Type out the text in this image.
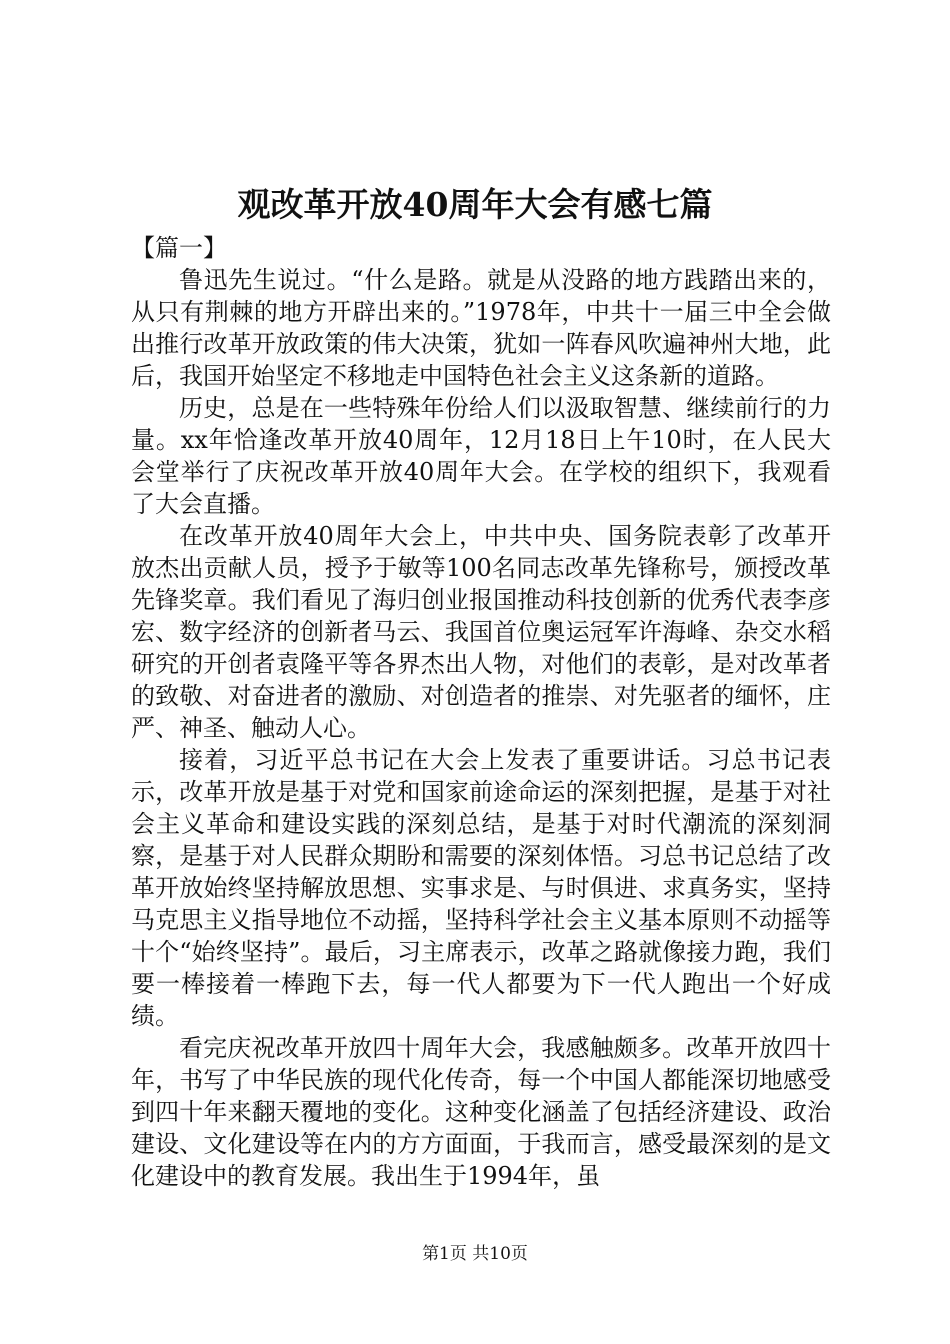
观改革开放40周年大会有感七篇

【篇一】

鲁迅先生说过。“什么是路。就是从没路的地方践踏出来的，从只有荆棘的地方开辟出来的。”1978年，中共十一届三中全会做出推行改革开放政策的伟大决策，犹如一阵春风吹遍神州大地，此后，我国开始坚定不移地走中国特色社会主义这条新的道路。

历史，总是在一些特殊年份给人们以汲取智慧、继续前行的力量。xx年恰逢改革开放40周年，12月18日上午10时，在人民大会堂举行了庆祝改革开放40周年大会。在学校的组织下，我观看了大会直播。

在改革开放40周年大会上，中共中央、国务院表彰了改革开放杰出贡献人员，授予于敏等100名同志改革先锋称号，颁授改革先锋奖章。我们看见了海归创业报国推动科技创新的优秀代表李彦宏、数字经济的创新者马云、我国首位奥运冠军许海峰、杂交水稻研究的开创者袁隆平等各界杰出人物，对他们的表彰，是对改革者的致敬、对奋进者的激励、对创造者的推崇、对先驱者的缅怀，庄严、神圣、触动人心。

接着，习近平总书记在大会上发表了重要讲话。习总书记表示，改革开放是基于对党和国家前途命运的深刻把握，是基于对社会主义革命和建设实践的深刻总结，是基于对时代潮流的深刻洞察，是基于对人民群众期盼和需要的深刻体悟。习总书记总结了改革开放始终坚持解放思想、实事求是、与时俱进、求真务实，坚持马克思主义指导地位不动摇，坚持科学社会主义基本原则不动摇等十个“始终坚持”。最后，习主席表示，改革之路就像接力跑，我们要一棒接着一棒跑下去，每一代人都要为下一代人跑出一个好成绩。

看完庆祝改革开放四十周年大会，我感触颇多。改革开放四十年，书写了中华民族的现代化传奇，每一个中国人都能深切地感受到四十年来翻天覆地的变化。这种变化涵盖了包括经济建设、政治建设、文化建设等在内的方方面面，于我而言，感受最深刻的是文化建设中的教育发展。我出生于1994年，虽

第1页 共10页
